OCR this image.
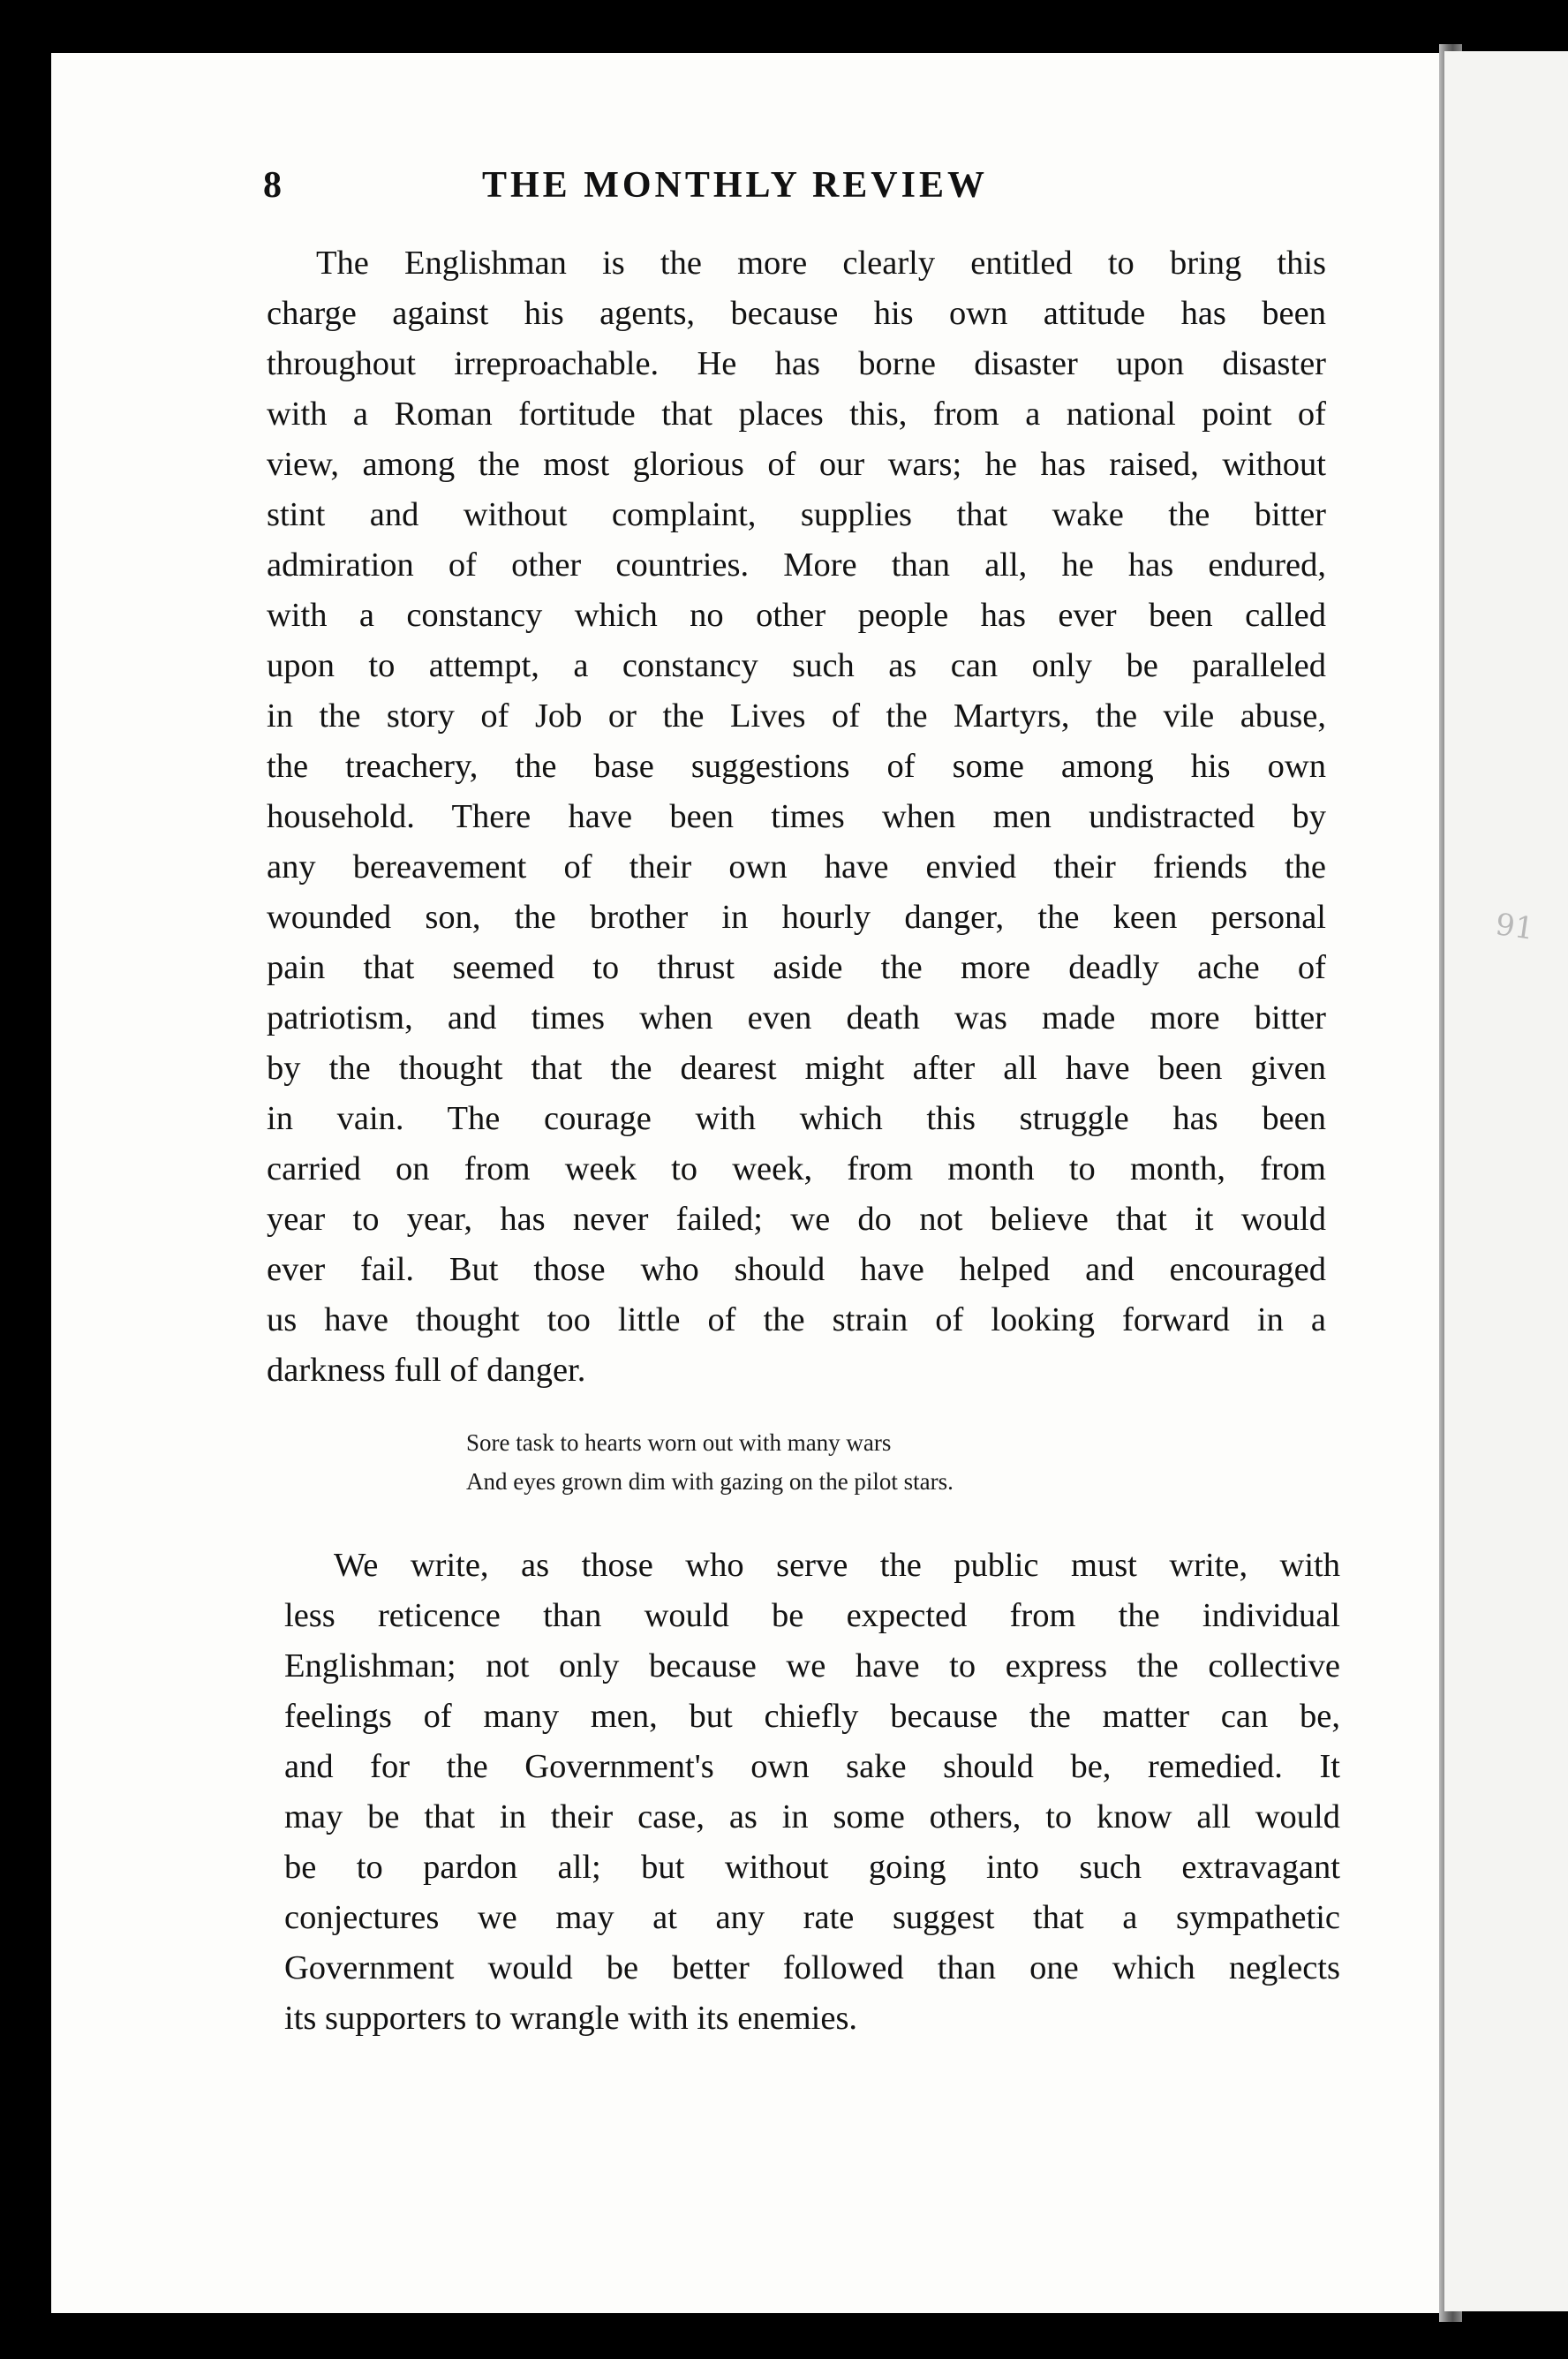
91
8	THE MONTHLY REVIEW
The Englishman is the more clearly entitled to bring this
charge against his agents, because his own attitude has been
throughout irreproachable. He has borne disaster upon disaster
with a Roman fortitude that places this, from a national point of
view, among the most glorious of our wars; he has raised, without
stint and without complaint, supplies that wake the bitter
admiration of other countries. More than all, he has endured,
with a constancy which no other people has ever been called
upon to attempt, a constancy such as can only be paralleled
in the story of Job or the Lives of the Martyrs, the vile abuse,
the treachery, the base suggestions of some among his own
household. There have been times when men undistracted by
any bereavement of their own have envied their friends the
wounded son, the brother in hourly danger, the keen personal
pain that seemed to thrust aside the more deadly ache of
patriotism, and times when even death was made more bitter
by the thought that the dearest might after all have been given
in vain. The courage with which this struggle has been
carried on from week to week, from month to month, from
year to year, has never failed; we do not believe that it would
ever fail. But those who should have helped and encouraged
us have thought too little of the strain of looking forward in a
darkness full of danger.
Sore task to hearts worn out with many wars
And eyes grown dim with gazing on the pilot stars.
We write, as those who serve the public must write, with
less reticence than would be expected from the individual
Englishman; not only because we have to express the collective
feelings of many men, but chiefly because the matter can be,
and for the Government's own sake should be, remedied. It
may be that in their case, as in some others, to know all would
be to pardon all; but without going into such extravagant
conjectures we may at any rate suggest that a sympathetic
Government would be better followed than one which neglects
its supporters to wrangle with its enemies.
